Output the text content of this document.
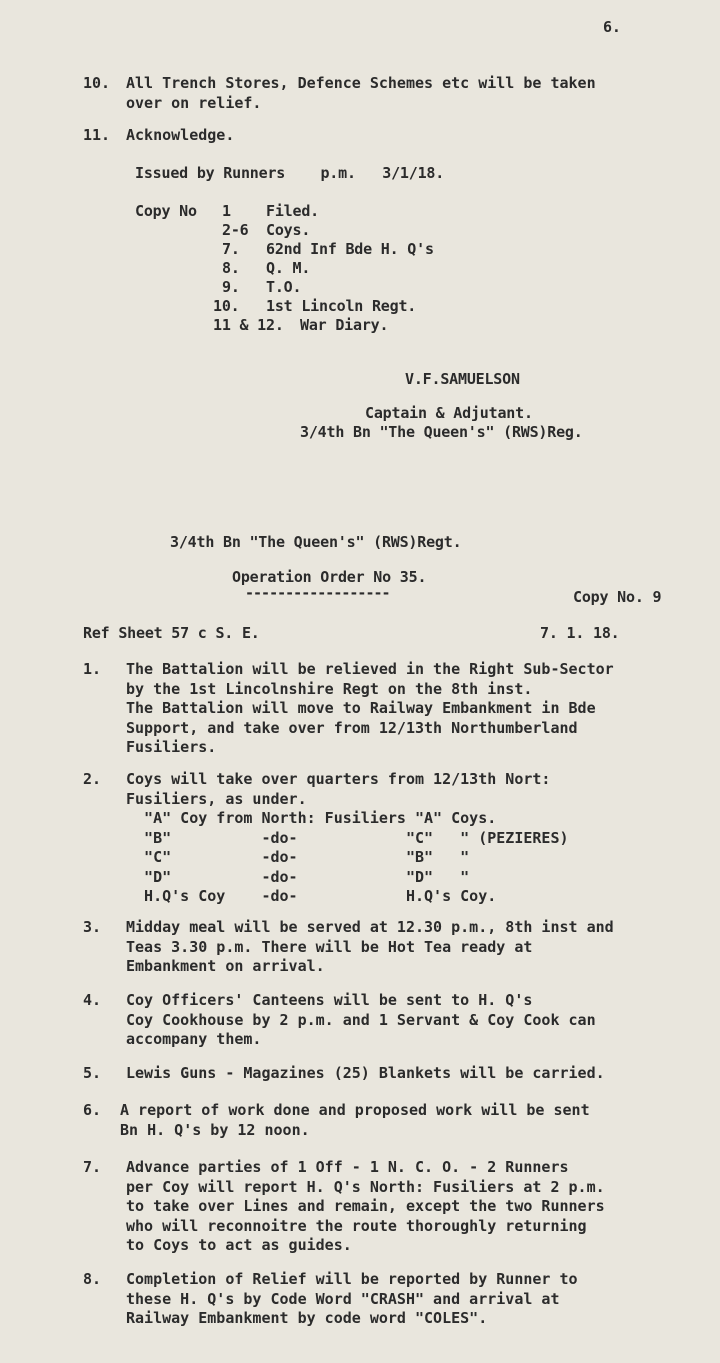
6.
10. All Trench Stores, Defence Schemes etc will be taken
over on relief.
11. Acknowledge.
Issued by Runners    p.m.   3/1/18.
Copy No 1 Filed.
2-6 Coys.
7. 62nd Inf Bde H. Q's
8. Q. M.
9. T.O.
10. 1st Lincoln Regt.
11 & 12. War Diary.
V.F.SAMUELSON
Captain & Adjutant.
3/4th Bn "The Queen's" (RWS)Reg.
3/4th Bn "The Queen's" (RWS)Regt.
Operation Order No 35.
------------------	Copy No. 9
Ref Sheet 57 c S. E.	7. 1. 18.
1. The Battalion will be relieved in the Right Sub-Sector
by the 1st Lincolnshire Regt on the 8th inst.
The Battalion will move to Railway Embankment in Bde
Support, and take over from 12/13th Northumberland
Fusiliers.
2. Coys will take over quarters from 12/13th Nort:
Fusiliers, as under.
"A" Coy from North: Fusiliers "A" Coys.
"B"          -do-            "C"   " (PEZIERES)
"C"          -do-            "B"   "
"D"          -do-            "D"   "
H.Q's Coy    -do-            H.Q's Coy.
3. Midday meal will be served at 12.30 p.m., 8th inst and
Teas 3.30 p.m. There will be Hot Tea ready at
Embankment on arrival.
4. Coy Officers' Canteens will be sent to H. Q's
Coy Cookhouse by 2 p.m. and 1 Servant & Coy Cook can
accompany them.
5. Lewis Guns - Magazines (25) Blankets will be carried.
6. A report of work done and proposed work will be sent
Bn H. Q's by 12 noon.
7. Advance parties of 1 Off - 1 N. C. O. - 2 Runners
per Coy will report H. Q's North: Fusiliers at 2 p.m.
to take over Lines and remain, except the two Runners
who will reconnoitre the route thoroughly returning
to Coys to act as guides.
8. Completion of Relief will be reported by Runner to
these H. Q's by Code Word "CRASH" and arrival at
Railway Embankment by code word "COLES".
